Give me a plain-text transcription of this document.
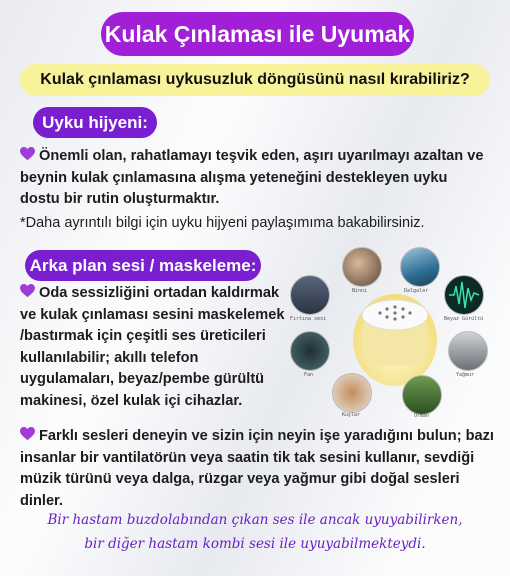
Kulak Çınlaması ile Uyumak
Kulak çınlaması uykusuzluk döngüsünü nasıl kırabiliriz?
Uyku hijyeni:
Önemli olan, rahatlamayı teşvik eden, aşırı uyarılmayı azaltan ve beynin kulak çınlamasına alışma yeteneğini destekleyen uyku dostu bir rutin oluşturmaktır.
*Daha ayrıntılı bilgi için uyku hijyeni paylaşımıma bakabilirsiniz.
Arka plan sesi / maskeleme:
Oda sessizliğini ortadan kaldırmak ve kulak çınlaması sesini maskelemek /bastırmak için çeşitli ses üreticileri kullanılabilir; akıllı telefon uygulamaları, beyaz/pembe gürültü makinesi, özel kulak içi cihazlar.
Ninni	Dalgalar
Beyaz Gürültü
Yağmur
Orman
Kuşlar
Fan
Fırtına sesi
Farklı sesleri deneyin ve sizin için neyin işe yaradığını bulun; bazı insanlar bir vantilatörün veya saatin tik tak sesini kullanır, sevdiği müzik türünü veya dalga, rüzgar veya yağmur gibi doğal sesleri dinler.
Bir hastam buzdolabından çıkan ses ile ancak uyuyabilirken,
bir diğer hastam kombi sesi ile uyuyabilmekteydi.
